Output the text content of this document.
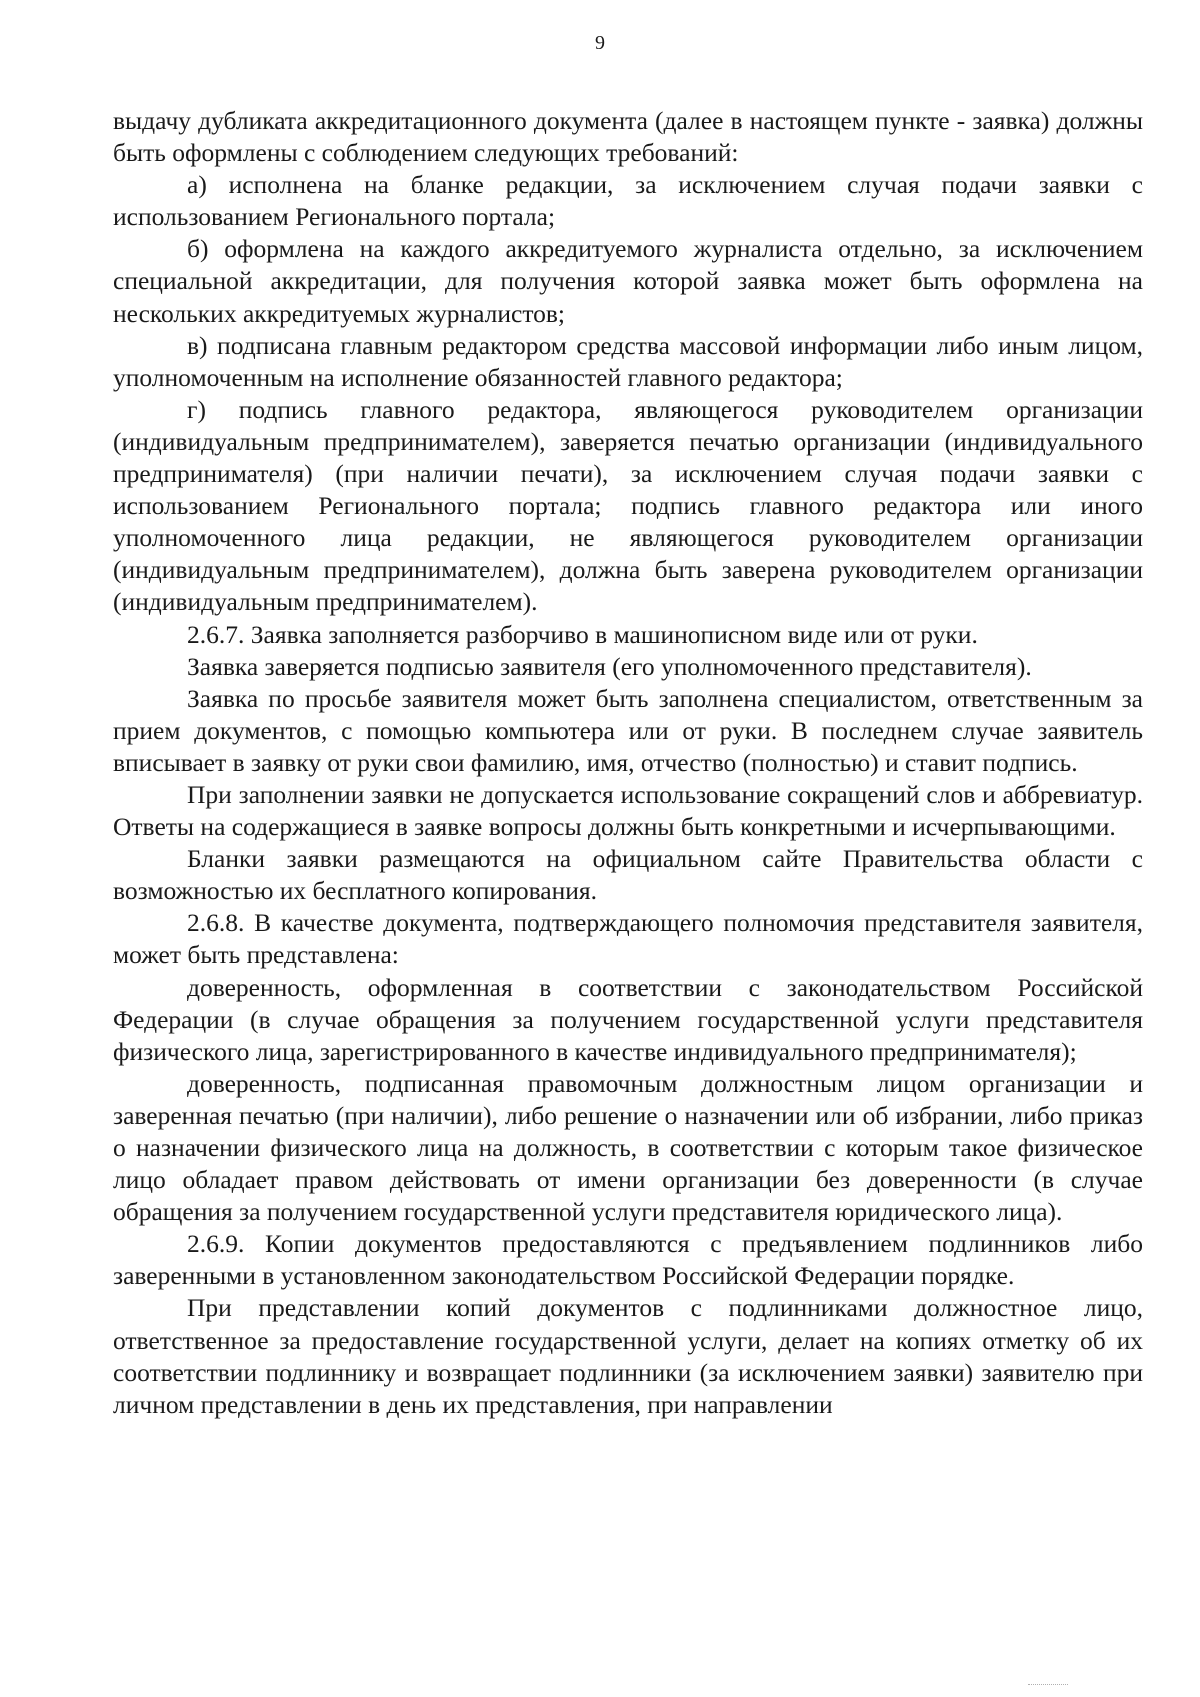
9

выдачу дубликата аккредитационного документа (далее в настоящем пункте - заявка) должны быть оформлены с соблюдением следующих требований:

а) исполнена на бланке редакции, за исключением случая подачи заявки с использованием Регионального портала;

б) оформлена на каждого аккредитуемого журналиста отдельно, за исключением специальной аккредитации, для получения которой заявка может быть оформлена на нескольких аккредитуемых журналистов;

в) подписана главным редактором средства массовой информации либо иным лицом, уполномоченным на исполнение обязанностей главного редактора;

г) подпись главного редактора, являющегося руководителем организации (индивидуальным предпринимателем), заверяется печатью организации (индивидуального предпринимателя) (при наличии печати), за исключением случая подачи заявки с использованием Регионального портала; подпись главного редактора или иного уполномоченного лица редакции, не являющегося руководителем организации (индивидуальным предпринимателем), должна быть заверена руководителем организации (индивидуальным предпринимателем).

2.6.7. Заявка заполняется разборчиво в машинописном виде или от руки.

Заявка заверяется подписью заявителя (его уполномоченного представителя).

Заявка по просьбе заявителя может быть заполнена специалистом, ответственным за прием документов, с помощью компьютера или от руки. В последнем случае заявитель вписывает в заявку от руки свои фамилию, имя, отчество (полностью) и ставит подпись.

При заполнении заявки не допускается использование сокращений слов и аббревиатур. Ответы на содержащиеся в заявке вопросы должны быть конкретными и исчерпывающими.

Бланки заявки размещаются на официальном сайте Правительства области с возможностью их бесплатного копирования.

2.6.8. В качестве документа, подтверждающего полномочия представителя заявителя, может быть представлена:

доверенность, оформленная в соответствии с законодательством Российской Федерации (в случае обращения за получением государственной услуги представителя физического лица, зарегистрированного в качестве индивидуального предпринимателя);

доверенность, подписанная правомочным должностным лицом организации и заверенная печатью (при наличии), либо решение о назначении или об избрании, либо приказ о назначении физического лица на должность, в соответствии с которым такое физическое лицо обладает правом действовать от имени организации без доверенности (в случае обращения за получением государственной услуги представителя юридического лица).

2.6.9. Копии документов предоставляются с предъявлением подлинников либо заверенными в установленном законодательством Российской Федерации порядке.

При представлении копий документов с подлинниками должностное лицо, ответственное за предоставление государственной услуги, делает на копиях отметку об их соответствии подлиннику и возвращает подлинники (за исключением заявки) заявителю при личном представлении в день их представления, при направлении
